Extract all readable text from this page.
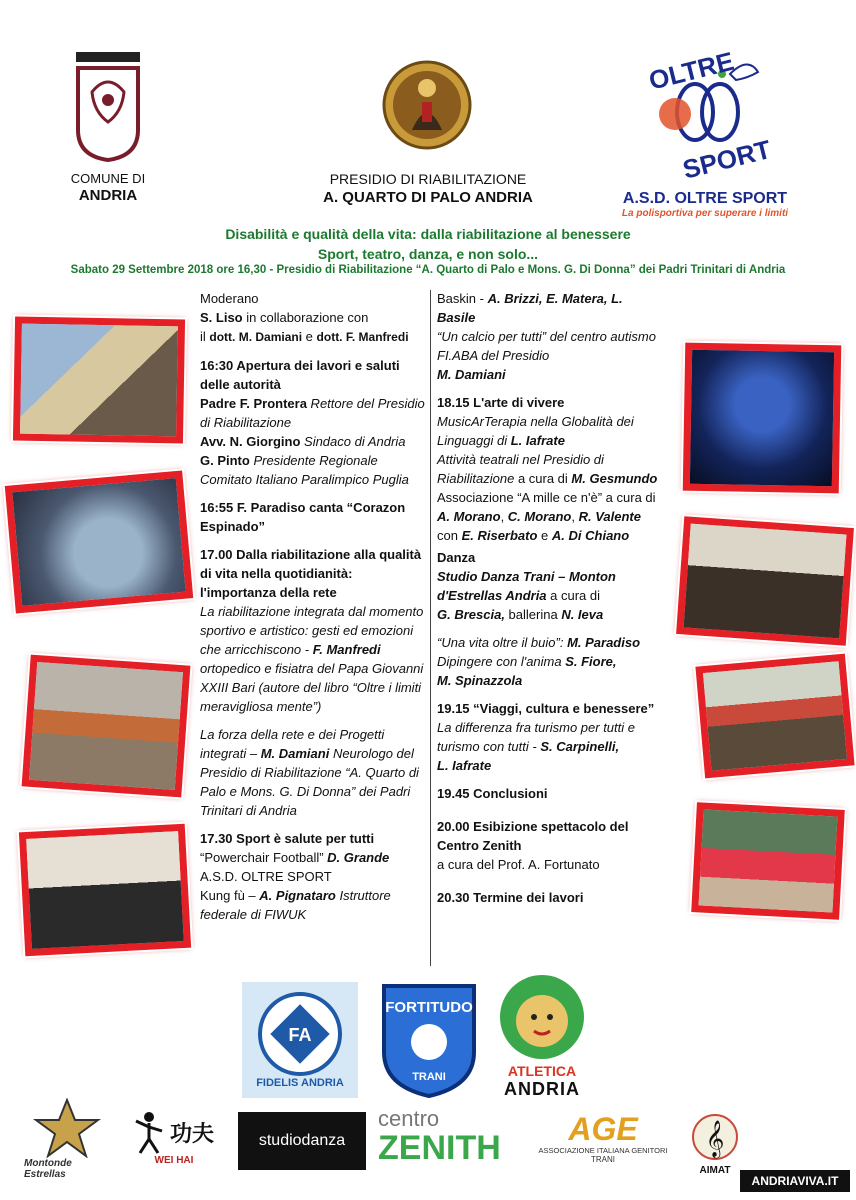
COMUNE DI
ANDRIA
PRESIDIO DI RIABILITAZIONE
A. QUARTO DI PALO ANDRIA
OLTRE
SPORT
A.S.D. OLTRE SPORT
La polisportiva per superare i limiti
Disabilità e qualità della vita: dalla riabilitazione al benessere
Sport, teatro, danza, e non solo...
Sabato 29 Settembre 2018 ore 16,30 - Presidio di Riabilitazione “A. Quarto di Palo e Mons. G. Di Donna” dei Padri Trinitari di Andria

Moderano
S. Liso in collaborazione con
il dott. M. Damiani e dott. F. Manfredi

16:30 Apertura dei lavori e saluti delle autorità
Padre F. Prontera Rettore del Presidio di Riabilitazione
Avv. N. Giorgino Sindaco di Andria
G. Pinto Presidente Regionale Comitato Italiano Paralimpico Puglia

16:55 F. Paradiso canta “Corazon Espinado”

17.00 Dalla riabilitazione alla qualità di vita nella quotidianità: l'importanza della rete
La riabilitazione integrata dal momento sportivo e artistico: gesti ed emozioni che arricchiscono - F. Manfredi ortopedico e fisiatra del Papa Giovanni XXIII Bari (autore del libro “Oltre i limiti meravigliosa mente”)

La forza della rete e dei Progetti integrati – M. Damiani Neurologo del Presidio di Riabilitazione “A. Quarto di Palo e Mons. G. Di Donna” dei Padri Trinitari di Andria

17.30 Sport è salute per tutti
“Powerchair Football” D. Grande
A.S.D. OLTRE SPORT
Kung fù – A. Pignataro Istruttore federale di FIWUK

Baskin - A. Brizzi, E. Matera, L. Basile
“Un calcio per tutti” del centro autismo FI.ABA del Presidio
M. Damiani

18.15 L'arte di vivere
MusicArTerapia nella Globalità dei Linguaggi di L. Iafrate
Attività teatrali nel Presidio di Riabilitazione a cura di M. Gesmundo Associazione “A mille ce n'è” a cura di A. Morano, C. Morano, R. Valente con E. Riserbato e A. Di Chiano

Danza
Studio Danza Trani – Monton d'Estrellas Andria a cura di
G. Brescia, ballerina N. Ieva

“Una vita oltre il buio”: M. Paradiso
Dipingere con l'anima S. Fiore,
M. Spinazzola

19.15 “Viaggi, cultura e benessere”
La differenza fra turismo per tutti e turismo con tutti - S. Carpinelli,
L. Iafrate

19.45 Conclusioni

20.00 Esibizione spettacolo del Centro Zenith
a cura del Prof. A. Fortunato

20.30 Termine dei lavori

FA
FIDELIS ANDRIA
FORTITUDO
TRANI	ATLETICA
ANDRIA
Montonde Estrellas
功夫
WEI HAI
studiodanza
centro
ZENITH AGE
ASSOCIAZIONE ITALIANA GENITORI
TRANI
𝄞
AIMAT
ANDRIAVIVA.IT
